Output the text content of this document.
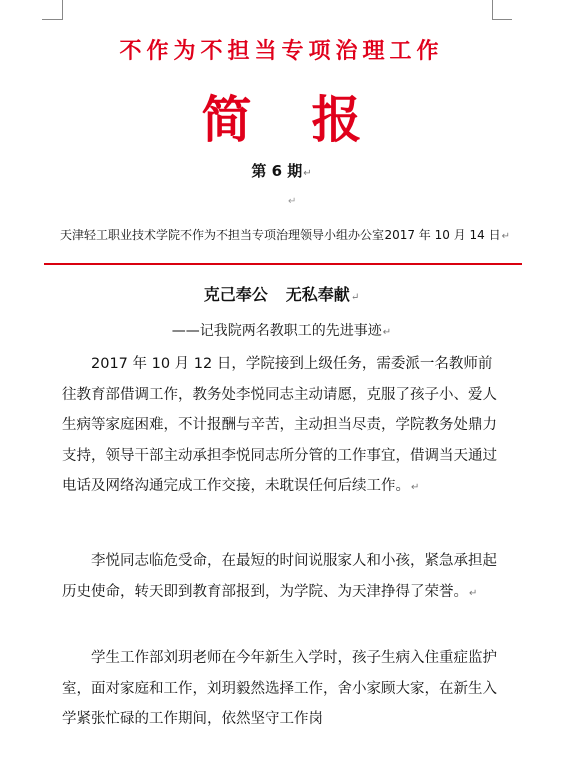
不作为不担当专项治理工作
简报
第 6 期↵
↵
天津轻工职业技术学院不作为不担当专项治理领导小组办公室 2017 年 10 月 14 日↵
克己奉公 无私奉献↵
——记我院两名教职工的先进事迹↵

2017 年 10 月 12 日，学院接到上级任务，需委派一名教师前往教育部借调工作，教务处李悦同志主动请愿，克服了孩子小、爱人生病等家庭困难，不计报酬与辛苦，主动担当尽责，学院教务处鼎力支持，领导干部主动承担李悦同志所分管的工作事宜，借调当天通过电话及网络沟通完成工作交接，未耽误任何后续工作。↵

李悦同志临危受命，在最短的时间说服家人和小孩，紧急承担起历史使命，转天即到教育部报到，为学院、为天津挣得了荣誉。↵

学生工作部刘玥老师在今年新生入学时，孩子生病入住重症监护室，面对家庭和工作，刘玥毅然选择工作，舍小家顾大家，在新生入学紧张忙碌的工作期间，依然坚守工作岗
